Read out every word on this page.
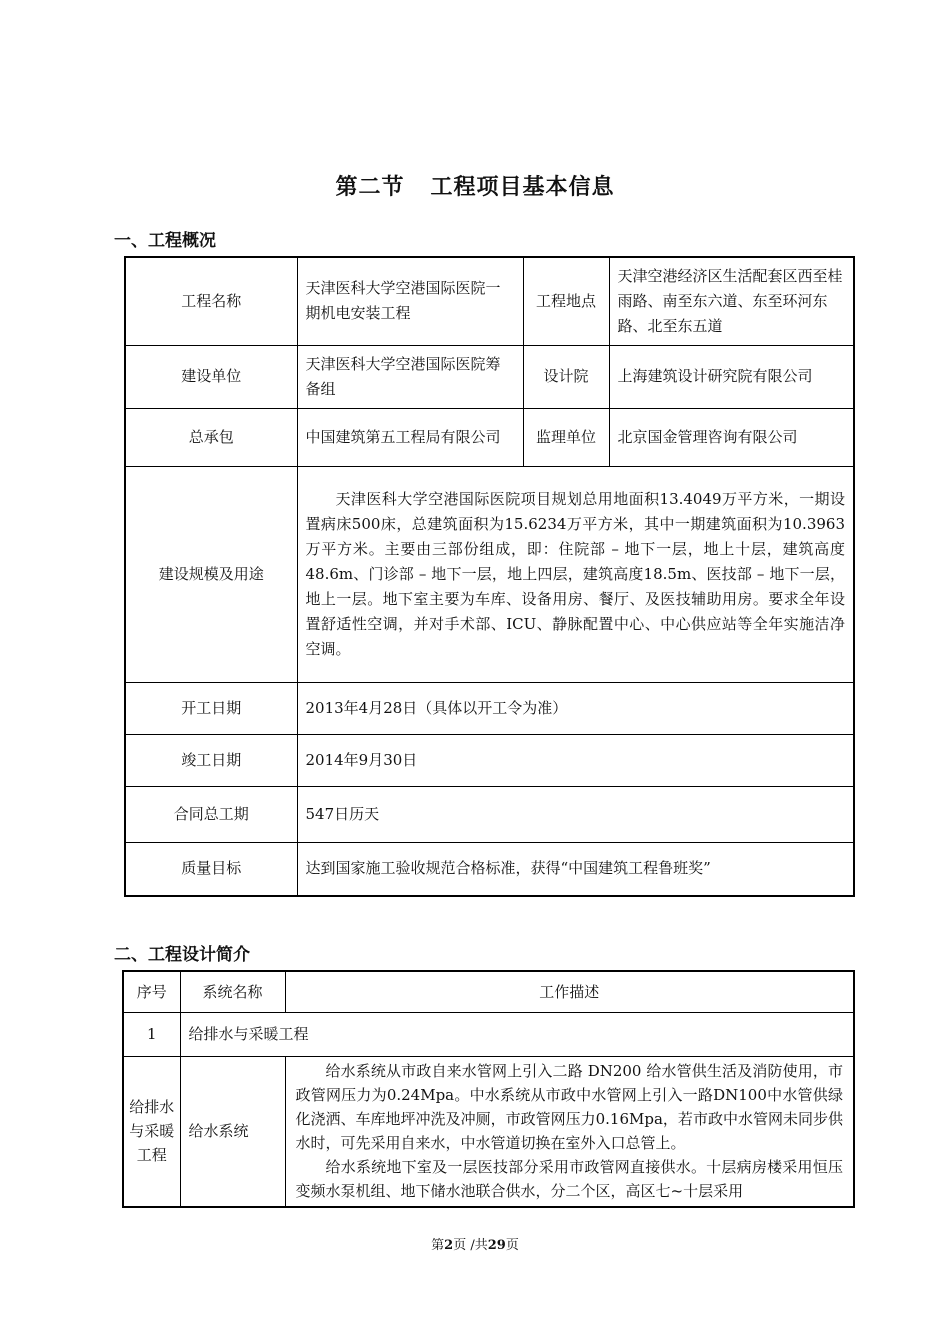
第二节 工程项目基本信息
一、工程概况
工程名称	天津医科大学空港国际医院一期机电安装工程	工程地点	天津空港经济区生活配套区西至桂雨路、南至东六道、东至环河东路、北至东五道
建设单位	天津医科大学空港国际医院筹备组	设计院	上海建筑设计研究院有限公司
总承包	中国建筑第五工程局有限公司	监理单位	北京国金管理咨询有限公司
建设规模及用途	天津医科大学空港国际医院项目规划总用地面积13.4049万平方米，一期设置病床500床，总建筑面积为15.6234万平方米，其中一期建筑面积为10.3963万平方米。主要由三部份组成，即：住院部 – 地下一层，地上十层，建筑高度48.6m、门诊部 – 地下一层，地上四层，建筑高度18.5m、医技部 – 地下一层，地上一层。地下室主要为车库、设备用房、餐厅、及医技辅助用房。要求全年设置舒适性空调，并对手术部、ICU、静脉配置中心、中心供应站等全年实施洁净空调。		
开工日期	2013年4月28日（具体以开工令为准）		
竣工日期	2014年9月30日		
合同总工期	547日历天		
质量目标	达到国家施工验收规范合格标准，获得“中国建筑工程鲁班奖”		
二、工程设计简介
序号	系统名称	工作描述
1	给排水与采暖工程	
给排水与采暖工程	给水系统	给水系统从市政自来水管网上引入二路 DN200 给水管供生活及消防使用，市政管网压力为0.24Mpa。中水系统从市政中水管网上引入一路DN100中水管供绿化浇洒、车库地坪冲洗及冲厕，市政管网压力0.16Mpa，若市政中水管网未同步供水时，可先采用自来水，中水管道切换在室外入口总管上。

给水系统地下室及一层医技部分采用市政管网直接供水。十层病房楼采用恒压变频水泵机组、地下储水池联合供水，分二个区，高区七~十层采用

第2页 /共29页
